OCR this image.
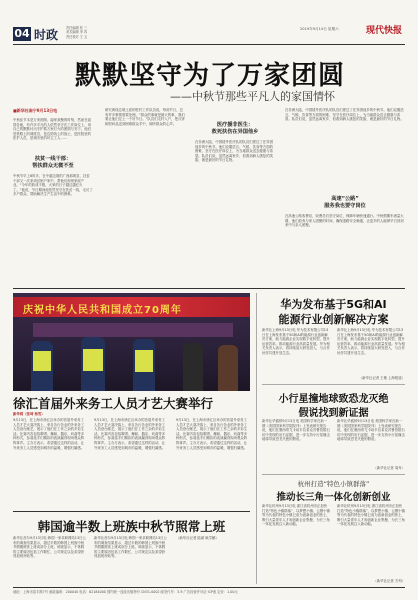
04 时政 责任编辑 张 三
美术编辑 李 四
责任校对 王 五
2019年9月14日 星期六	现代快报
默默坚守为了万家团圆
——中秋节那些平凡人的家国情怀
■新华社南宁9月13日电
中秋佳节本是万家团圆、阖家欢聚的时刻，然而在祖国各地，有许多平凡的人依然坚守在工作岗位上，用自己的默默付出守护着万家灯火的团圆与安宁。他们是铁路上的调度员，是边防线上的战士，是医院里的医护人员，是城市里的环卫工人……
扶贫一线干部：
帮扶群众无微不至
中秋节早上8时多，在中越边境的广西那坡县，扶贫干部又一次来到贫困户家中，帮他们规划家庭产业。“今年的收成不错，大家的日子越过越红火了。”他说，节日期间他依然坚守在扶贫一线，走访了多户群众，帮助解决生产生活中的困难。
研究黄线边境土质的驻村工作队员说，每到节日，总有许多事情需要处理。“群众的事就是最大的事，我们要让他们过上一个好节日。”队员们走村入户，把月饼和慰问品送到困难群众手中，倾听群众的心声。	医疗援非医生：
救死扶伤在异国他乡
在非洲大陆，中国援外医疗队的队员们度过了在异国他乡的中秋节。他们克服语言、气候、饮食等方面的困难，坚守在医疗岗位上，为当地群众送去健康与希望。队员们说，虽然远离家乡，但看到病人康复的笑脸，就是最好的节日礼物。
在非洲大陆，中国援外医疗队的队员们度过了在异国他乡的中秋节。他们克服语言、气候、饮食等方面的困难，坚守在医疗岗位上，为当地群众送去健康与希望。队员们说，虽然远离家乡，但看到病人康复的笑脸，就是最好的节日礼物。
高速“公路”
服务我也要守岗位
在高速公路收费站，收费员们坚守岗位，保障车辆快速通行。中秋假期车流量大增，他们放弃与家人团聚的时间，确保道路安全畅通，让更多的人能够早日回到家中与亲人团聚。
庆祝中华人民共和国成立70周年
徐汇首届外来务工人员才艺大赛举行
新华网（张琦 杨雪）
9月13日，在上海市徐汇区举办的首届外来务工人员才艺大赛决赛上，来自各行各业的外来务工人员登台献艺，展示了他们在工作之余的多彩生活。比赛内容包括歌唱、舞蹈、器乐、戏曲等多种形式，参赛选手们精彩的表演赢得现场观众阵阵掌声。主办方表示，希望通过这样的活动，让外来务工人员感受到城市的温暖，增强归属感。
9月13日，在上海市徐汇区举办的首届外来务工人员才艺大赛决赛上，来自各行各业的外来务工人员登台献艺，展示了他们在工作之余的多彩生活。比赛内容包括歌唱、舞蹈、器乐、戏曲等多种形式，参赛选手们精彩的表演赢得现场观众阵阵掌声。主办方表示，希望通过这样的活动，让外来务工人员感受到城市的温暖，增强归属感。
9月13日，在上海市徐汇区举办的首届外来务工人员才艺大赛决赛上，来自各行各业的外来务工人员登台献艺，展示了他们在工作之余的多彩生活。比赛内容包括歌唱、舞蹈、器乐、戏曲等多种形式，参赛选手们精彩的表演赢得现场观众阵阵掌声。主办方表示，希望通过这样的活动，让外来务工人员感受到城市的温暖，增强归属感。
韩国逾半数上班族中秋节照常上班
新华社首尔9月13日电 韩国一家求职网站13日公布的调查结果显示，超过半数的韩国上班族中秋节假期照常上班或部分上班。调查显示，不休假的主要原因包括工作繁忙、公司规定以及希望获得加班补贴等。
新华社首尔9月13日电 韩国一家求职网站13日公布的调查结果显示，超过半数的韩国上班族中秋节假期照常上班或部分上班。调查显示，不休假的主要原因包括工作繁忙、公司规定以及希望获得加班补贴等。
（新华社记者 陆睿 耿学鹏）
华为发布基于5G和AI
能源行业创新解决方案
新华社上海9月13日电 华为技术有限公司13日在上海发布基于5G和AI的能源行业创新解决方案，助力能源企业实现数字化转型，提升运营效率，推动能源行业高质量发展。华为相关负责人表示，将持续加大研发投入，与合作伙伴共建开放生态。
新华社上海9月13日电 华为技术有限公司13日在上海发布基于5G和AI的能源行业创新解决方案，助力能源企业实现数字化转型，提升运营效率，推动能源行业高质量发展。华为相关负责人表示，将持续加大研发投入，与合作伙伴共建开放生态。
（新华社记者 王敏 上海报道）
小行星撞地球致恐龙灭绝
假说找到新证据
新华社华盛顿9月13日电 美国科学家在新一期《美国国家科学院院刊》上发表研究报告说，他们在墨西哥尤卡坦半岛希克苏鲁伯陨石坑中发现的岩石证据，进一步支持小行星撞击地球导致恐龙灭绝的假说。
新华社华盛顿9月13日电 美国科学家在新一期《美国国家科学院院刊》上发表研究报告说，他们在墨西哥尤卡坦半岛希克苏鲁伯陨石坑中发现的岩石证据，进一步支持小行星撞击地球导致恐龙灭绝的假说。
（新华社记者 周舟）
杭州打造“特色小镇群落”
推动长三角一体化创新创业
新华社杭州9月13日电 浙江省杭州市正加快打造“特色小镇群落”，以梦想小镇、云栖小镇等为代表的特色小镇已成为创新创业的热土，吸引大量青年人才和创新企业集聚，为长三角一体化发展注入新动能。
新华社杭州9月13日电 浙江省杭州市正加快打造“特色小镇群落”，以梦想小镇、云栖小镇等为代表的特色小镇已成为创新创业的热土，吸引大量青年人才和创新企业集聚，为长三角一体化发展注入新动能。
（新华社记者 方列）
地址：上海市富丰路7号 邮政编码：200040 电话：62184000 国内统一连续出版物号 CN31-0002 邮发代号：3-9 广告经营许可证 ICP备 定价：1.00元
